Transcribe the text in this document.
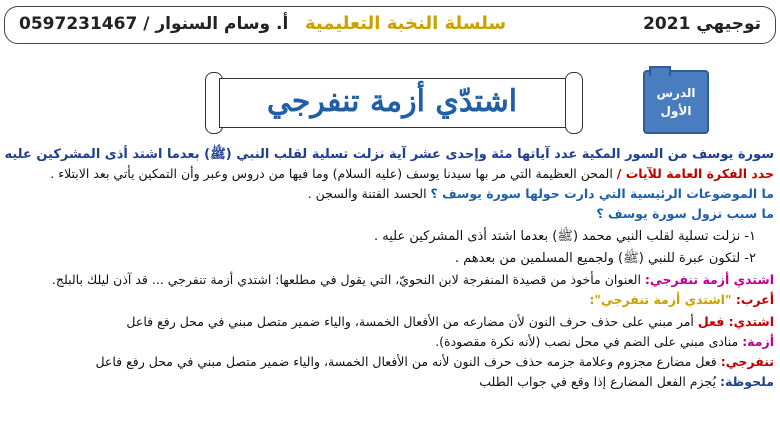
أ. وسام السنوار / 0597231467 سلسلة النخبة التعليمية	توجيهي 2021
اشتدّي أزمة تنفرجي	الدرس
الأول
سورة يوسف من السور المكية عدد آياتها مئة وإحدى عشر آية نزلت تسلية لقلب النبي (ﷺ) بعدما اشتد أذى المشركين عليه
حدد الفكرة العامة للآيات / المحن العظيمة التي مر بها سيدنا يوسف (عليه السلام) وما فيها من دروس وعبر وأن التمكين يأتي بعد الابتلاء .
ما الموضوعات الرئيسية التي دارت حولها سورة يوسف ؟ الحسد الفتنة والسجن .
ما سبب نزول سورة يوسف ؟
١- نزلت تسلية لقلب النبي محمد (ﷺ) بعدما اشتد أذى المشركين عليه .
٢- لتكون عبرة للنبي (ﷺ) ولجميع المسلمين من بعدهم .
اشتدي أزمة تنفرجي: العنوان مأخوذ من قصيدة المنفرجة لابن النحويّ، التي يقول في مطلعها: اشتدي أزمة تنفرجي ... قد آذن ليلك بالبلج.
أعرب: "اشتدي أزمة تنفرجي":
اشتدي: فعل أمر مبني على حذف حرف النون لأن مضارعه من الأفعال الخمسة، والياء ضمير متصل مبني في محل رفع فاعل
أزمة: منادى مبني على الضم في محل نصب (لأنه نكرة مقصودة).
تنفرجي: فعل مضارع مجزوم وعلامة جزمه حذف حرف النون لأنه من الأفعال الخمسة، والياء ضمير متصل مبني في محل رفع فاعل
ملحوظة: يُجزم الفعل المضارع إذا وقع في جواب الطلب
